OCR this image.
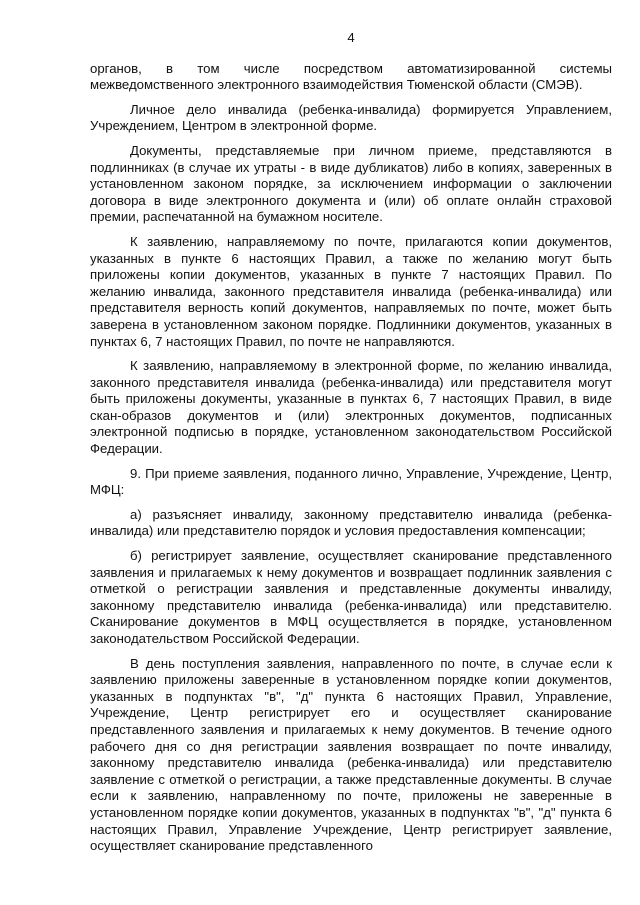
4

органов, в том числе посредством автоматизированной системы межведомственного электронного взаимодействия Тюменской области (СМЭВ).

Личное дело инвалида (ребенка-инвалида) формируется Управлением, Учреждением, Центром в электронной форме.

Документы, представляемые при личном приеме, представляются в подлинниках (в случае их утраты - в виде дубликатов) либо в копиях, заверенных в установленном законом порядке, за исключением информации о заключении договора в виде электронного документа и (или) об оплате онлайн страховой премии, распечатанной на бумажном носителе.

К заявлению, направляемому по почте, прилагаются копии документов, указанных в пункте 6 настоящих Правил, а также по желанию могут быть приложены копии документов, указанных в пункте 7 настоящих Правил. По желанию инвалида, законного представителя инвалида (ребенка-инвалида) или представителя верность копий документов, направляемых по почте, может быть заверена в установленном законом порядке. Подлинники документов, указанных в пунктах 6, 7 настоящих Правил, по почте не направляются.

К заявлению, направляемому в электронной форме, по желанию инвалида, законного представителя инвалида (ребенка-инвалида) или представителя могут быть приложены документы, указанные в пунктах 6, 7 настоящих Правил, в виде скан-образов документов и (или) электронных документов, подписанных электронной подписью в порядке, установленном законодательством Российской Федерации.

9. При приеме заявления, поданного лично, Управление, Учреждение, Центр, МФЦ:

а) разъясняет инвалиду, законному представителю инвалида (ребенка-инвалида) или представителю порядок и условия предоставления компенсации;

б) регистрирует заявление, осуществляет сканирование представленного заявления и прилагаемых к нему документов и возвращает подлинник заявления с отметкой о регистрации заявления и представленные документы инвалиду, законному представителю инвалида (ребенка-инвалида) или представителю. Сканирование документов в МФЦ осуществляется в порядке, установленном законодательством Российской Федерации.

В день поступления заявления, направленного по почте, в случае если к заявлению приложены заверенные в установленном порядке копии документов, указанных в подпунктах "в", "д" пункта 6 настоящих Правил, Управление, Учреждение, Центр регистрирует его и осуществляет сканирование представленного заявления и прилагаемых к нему документов. В течение одного рабочего дня со дня регистрации заявления возвращает по почте инвалиду, законному представителю инвалида (ребенка-инвалида) или представителю заявление с отметкой о регистрации, а также представленные документы. В случае если к заявлению, направленному по почте, приложены не заверенные в установленном порядке копии документов, указанных в подпунктах "в", "д" пункта 6 настоящих Правил, Управление Учреждение, Центр регистрирует заявление, осуществляет сканирование представленного
